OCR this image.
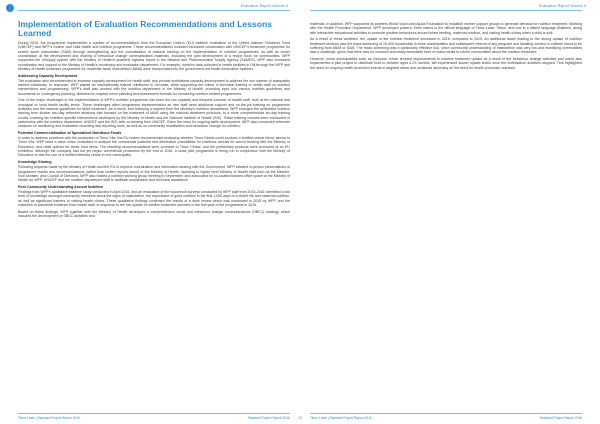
Evaluation Report Volume II
Implementation of Evaluation Recommendations and Lessons Learned
During 2016, the programme implemented a number of recommendations from the European Union's (EU) midterm evaluation of the United Nations Children's Fund (UNICEF) and WFP's mother and child health and nutrition programme. These recommendations included increased coordination with UNICEF's treatment programme for severe acute malnutrition (SAM) through strengthening and the consolidation of national training on the implementation of nutrition programmes, as well as closer coordination at the development and sharing of behaviour change communication materials, including the joint development of a recipe book for communities. WFP supported the mSupply system with the Ministry of Health's quarterly logistics report to the Medical and Pharmaceutical Supply Agency (SAMES). WFP also increased coordination and support to the Ministry of Health's monitoring and evaluation department. For example, nutrition data collected in health facilities in Dili through the WFP and Ministry of Health treatment programme for moderate acute malnutrition (MAM) were incorporated into the government-led health information systems.
Addressing Capacity Development
The evaluation also recommended to increase capacity development for health staff, and provide institutional capacity development to address the low number of adequately trained individuals. In response, WFP placed an internationally trained nutritionist in Oecusse, while supporting the rollout of technical training of health staff on nutrition interventions and programming. WFP's staff also worked with the nutrition department of the Ministry of Health, providing input into various nutrition guidelines and documents on contingency planning, dietetics for hospital menu planning and assessment formats for monitoring nutrition-related programmes.
One of the major challenges in the implementation of WFP's nutrition programme has been the low capacity and frequent turnover of health staff, both at the national and municipal or local health facility levels. These challenges affect programme implementation as new staff need additional support and on-the-job training on programme activities and the national guidelines for MAM treatment. As a result, and following a request from the Ministry's nutrition department, WFP changed the scheduled nutrition training from shorter two-day refresher sessions that focused on the treatment of MAM using the national treatment protocols, to a more comprehensive six-day training course covering ten nutrition-specific interventions developed by the Ministry of Health and the National Institute of Health (INS). These training courses were conducted in partnership with the nutrition department, UNICEF and the INS, with co-funding from UNICEF. Given the need for ongoing skills development, WFP also conducted refresher sessions on monitoring and evaluation recording and reporting tools, as well as on community mobilisation and behaviour change for nutrition.
Potential Commercialisation of Specialised Nutritious Foods
In order to address problems with the production of Timor Vita, the EU review recommended analysing whether Timor Global could produce a fortified cereal blend, similar to Timor Vita. WFP hired a value chain consultant to analyse the commercial potential and distribution possibilities for nutritious cereals for school feeding with the Ministry of Education, and retail options for these food items. The resulting recommendations were provided to Timor Global, and the preliminary products were promoted at an EU exhibition. Although the company had not yet begun commercial production by the end of 2016, a small pilot programme is being run in conjunction with the Ministry of Education to test the use of a fortified blended cereal in one municipality.
Knowledge Sharing
Following requests made by the Ministry of Health and the EU to improve coordination and information sharing with the Government, WFP initiated in-person presentations of programme results and recommendations (rather than written reports alone) to the Ministry of Health, including to higher level Ministry of Health staff such as the Minister, Vice-Minister, and Council of Directors. WFP also hosted a nutrition working group meeting in September, and advocated for co-location/shared office space at the Ministry of Health for WFP, UNICEF and the nutrition department staff to facilitate coordination and technical assistance.
Poor Community Understanding Around Nutrition
Findings from WFP's qualitative baseline study conducted in April 2016, and an evaluation of the household surveys conducted by WFP staff from 2015-2016, identified a low level of knowledge amongst community members about the signs of malnutrition, the importance of good nutrition in the first 1,000 days of a child's life and maternal nutrition, as well as significant barriers to visiting health clinics. These qualitative findings confirmed the results of a desk review which was conducted in 2015 by WFP, and the collection of anecdotal evidence from health staff, in response to the low uptake of nutrition treatment services in the first year of the programme in 2015.
Based on these findings, WFP together with the Ministry of Health developed a comprehensive social and behaviour change communications (SBCC) strategy, which included the development of SBCC activities and
Timor-Leste | Standard Project Report 2016	Standard Project Report 2016
Evaluation Report Volume II
materials. In addition, WFP supported its partners World Vision and Ajuda Foundation to establish mother support groups to generate demand for nutrition treatment. Working with the Health Promotion Department, WFP developed posters, three videos in the official language of Timor-Leste, Tetum, and one in a district language (Baikeno, along with interactive educational activities to promote positive behaviours around infant feeding, maternal nutrition, and visiting health clinics when a child is sick.
As a result of these activities, the uptake of the nutrition treatment increased in 2016, compared to 2015. An additional factor leading to the strong uptake of nutrition treatment services was the mass screening of 15,000 households in three municipalities and subsequent referral of any pregnant and lactating women or children found to be suffering from MAM or SAM. The mass screening was a particularly effective tool, since community understanding of malnutrition was very low and mobilising communities was a challenge, given that there was no common and easily accessible form of mass media to inform communities about the nutrition treatment.
However, some municipalities such as Oecusse, which showed improvements in nutrition treatment uptake as a result of the behaviour change activities and which also implemented a pilot project to distribute food to children aged 6-23 months, still experienced slower uptake levels once the mobilisation activities stopped. This highlighted the need for ongoing health promotion events in targeted areas and continued advocacy on the need for health promotion outreach.
Timor-Leste | Standard Project Report 2016	Standard Project Report 2016
13
